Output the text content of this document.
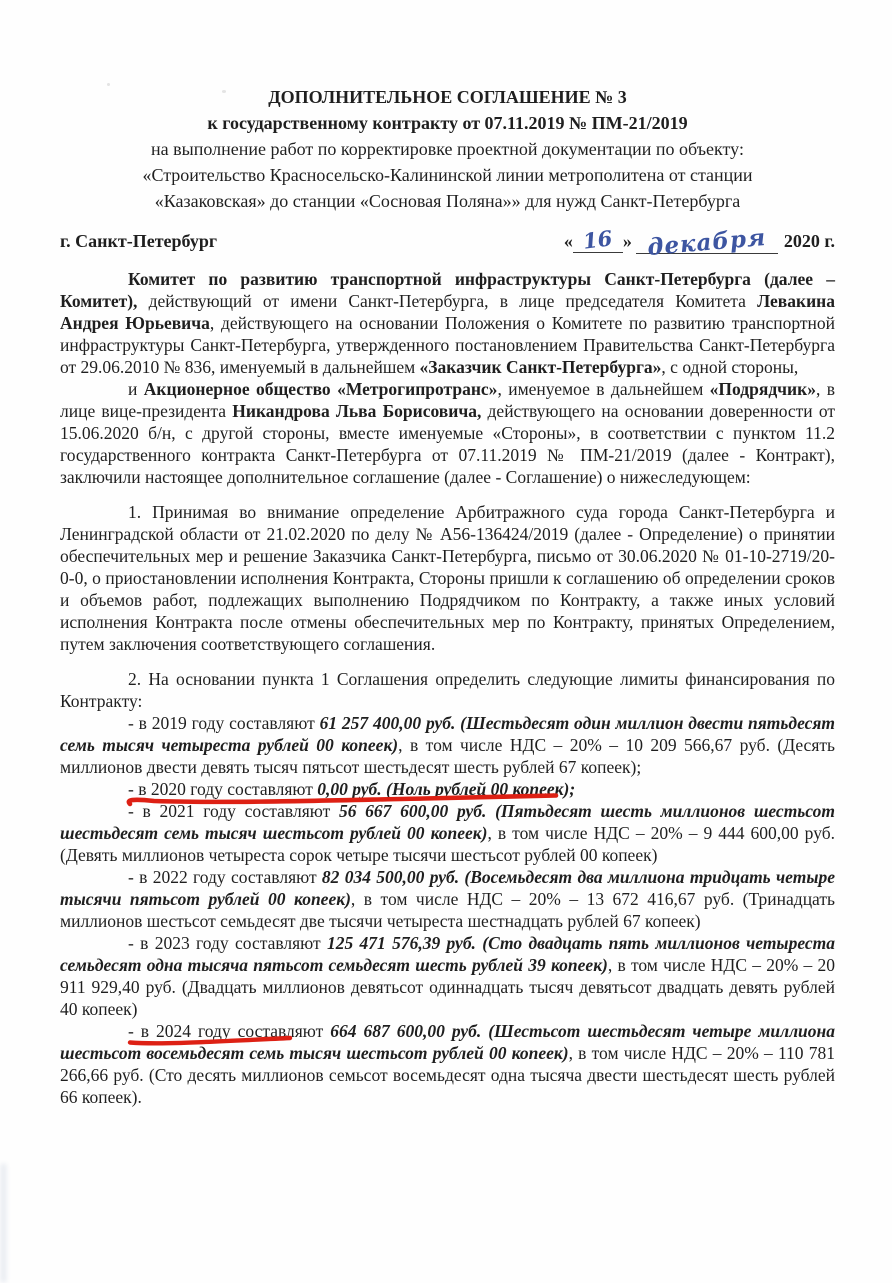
ДОПОЛНИТЕЛЬНОЕ СОГЛАШЕНИЕ № 3
к государственному контракту от 07.11.2019 № ПМ-21/2019
на выполнение работ по корректировке проектной документации по объекту:
«Строительство Красносельско-Калининской линии метрополитена от станции
«Казаковская» до станции «Сосновая Поляна»» для нужд Санкт-Петербурга
г. Санкт-Петербург	« 16 » декабря 2020 г.

Комитет по развитию транспортной инфраструктуры Санкт-Петербурга (далее – Комитет), действующий от имени Санкт-Петербурга, в лице председателя Комитета Левакина Андрея Юрьевича, действующего на основании Положения о Комитете по развитию транспортной инфраструктуры Санкт-Петербурга, утвержденного постановлением Правительства Санкт-Петербурга от 29.06.2010 № 836, именуемый в дальнейшем «Заказчик Санкт-Петербурга», с одной стороны,

и Акционерное общество «Метрогипротранс», именуемое в дальнейшем «Подрядчик», в лице вице-президента Никандрова Льва Борисовича, действующего на основании доверенности от 15.06.2020 б/н, с другой стороны, вместе именуемые «Стороны», в соответствии с пунктом 11.2 государственного контракта Санкт-Петербурга от 07.11.2019 № ПМ-21/2019 (далее - Контракт), заключили настоящее дополнительное соглашение (далее - Соглашение) о нижеследующем:

1. Принимая во внимание определение Арбитражного суда города Санкт-Петербурга и Ленинградской области от 21.02.2020 по делу № А56-136424/2019 (далее - Определение) о принятии обеспечительных мер и решение Заказчика Санкт-Петербурга, письмо от 30.06.2020 № 01-10-2719/20-0-0, о приостановлении исполнения Контракта, Стороны пришли к соглашению об определении сроков и объемов работ, подлежащих выполнению Подрядчиком по Контракту, а также иных условий исполнения Контракта после отмены обеспечительных мер по Контракту, принятых Определением, путем заключения соответствующего соглашения.

2. На основании пункта 1 Соглашения определить следующие лимиты финансирования по Контракту:

- в 2019 году составляют 61 257 400,00 руб. (Шестьдесят один миллион двести пятьдесят семь тысяч четыреста рублей 00 копеек), в том числе НДС – 20% – 10 209 566,67 руб. (Десять миллионов двести девять тысяч пятьсот шестьдесят шесть рублей 67 копеек);

- в 2020 году составляют 0,00 руб. (Ноль рублей 00 копеек);

- в 2021 году составляют 56 667 600,00 руб. (Пятьдесят шесть миллионов шестьсот шестьдесят семь тысяч шестьсот рублей 00 копеек), в том числе НДС – 20% – 9 444 600,00 руб. (Девять миллионов четыреста сорок четыре тысячи шестьсот рублей 00 копеек)

- в 2022 году составляют 82 034 500,00 руб. (Восемьдесят два миллиона тридцать четыре тысячи пятьсот рублей 00 копеек), в том числе НДС – 20% – 13 672 416,67 руб. (Тринадцать миллионов шестьсот семьдесят две тысячи четыреста шестнадцать рублей 67 копеек)

- в 2023 году составляют 125 471 576,39 руб. (Сто двадцать пять миллионов четыреста семьдесят одна тысяча пятьсот семьдесят шесть рублей 39 копеек), в том числе НДС – 20% – 20 911 929,40 руб. (Двадцать миллионов девятьсот одиннадцать тысяч девятьсот двадцать девять рублей 40 копеек)

- в 2024 году составляют 664 687 600,00 руб. (Шестьсот шестьдесят четыре миллиона шестьсот восемьдесят семь тысяч шестьсот рублей 00 копеек), в том числе НДС – 20% – 110 781 266,66 руб. (Сто десять миллионов семьсот восемьдесят одна тысяча двести шестьдесят шесть рублей 66 копеек).
